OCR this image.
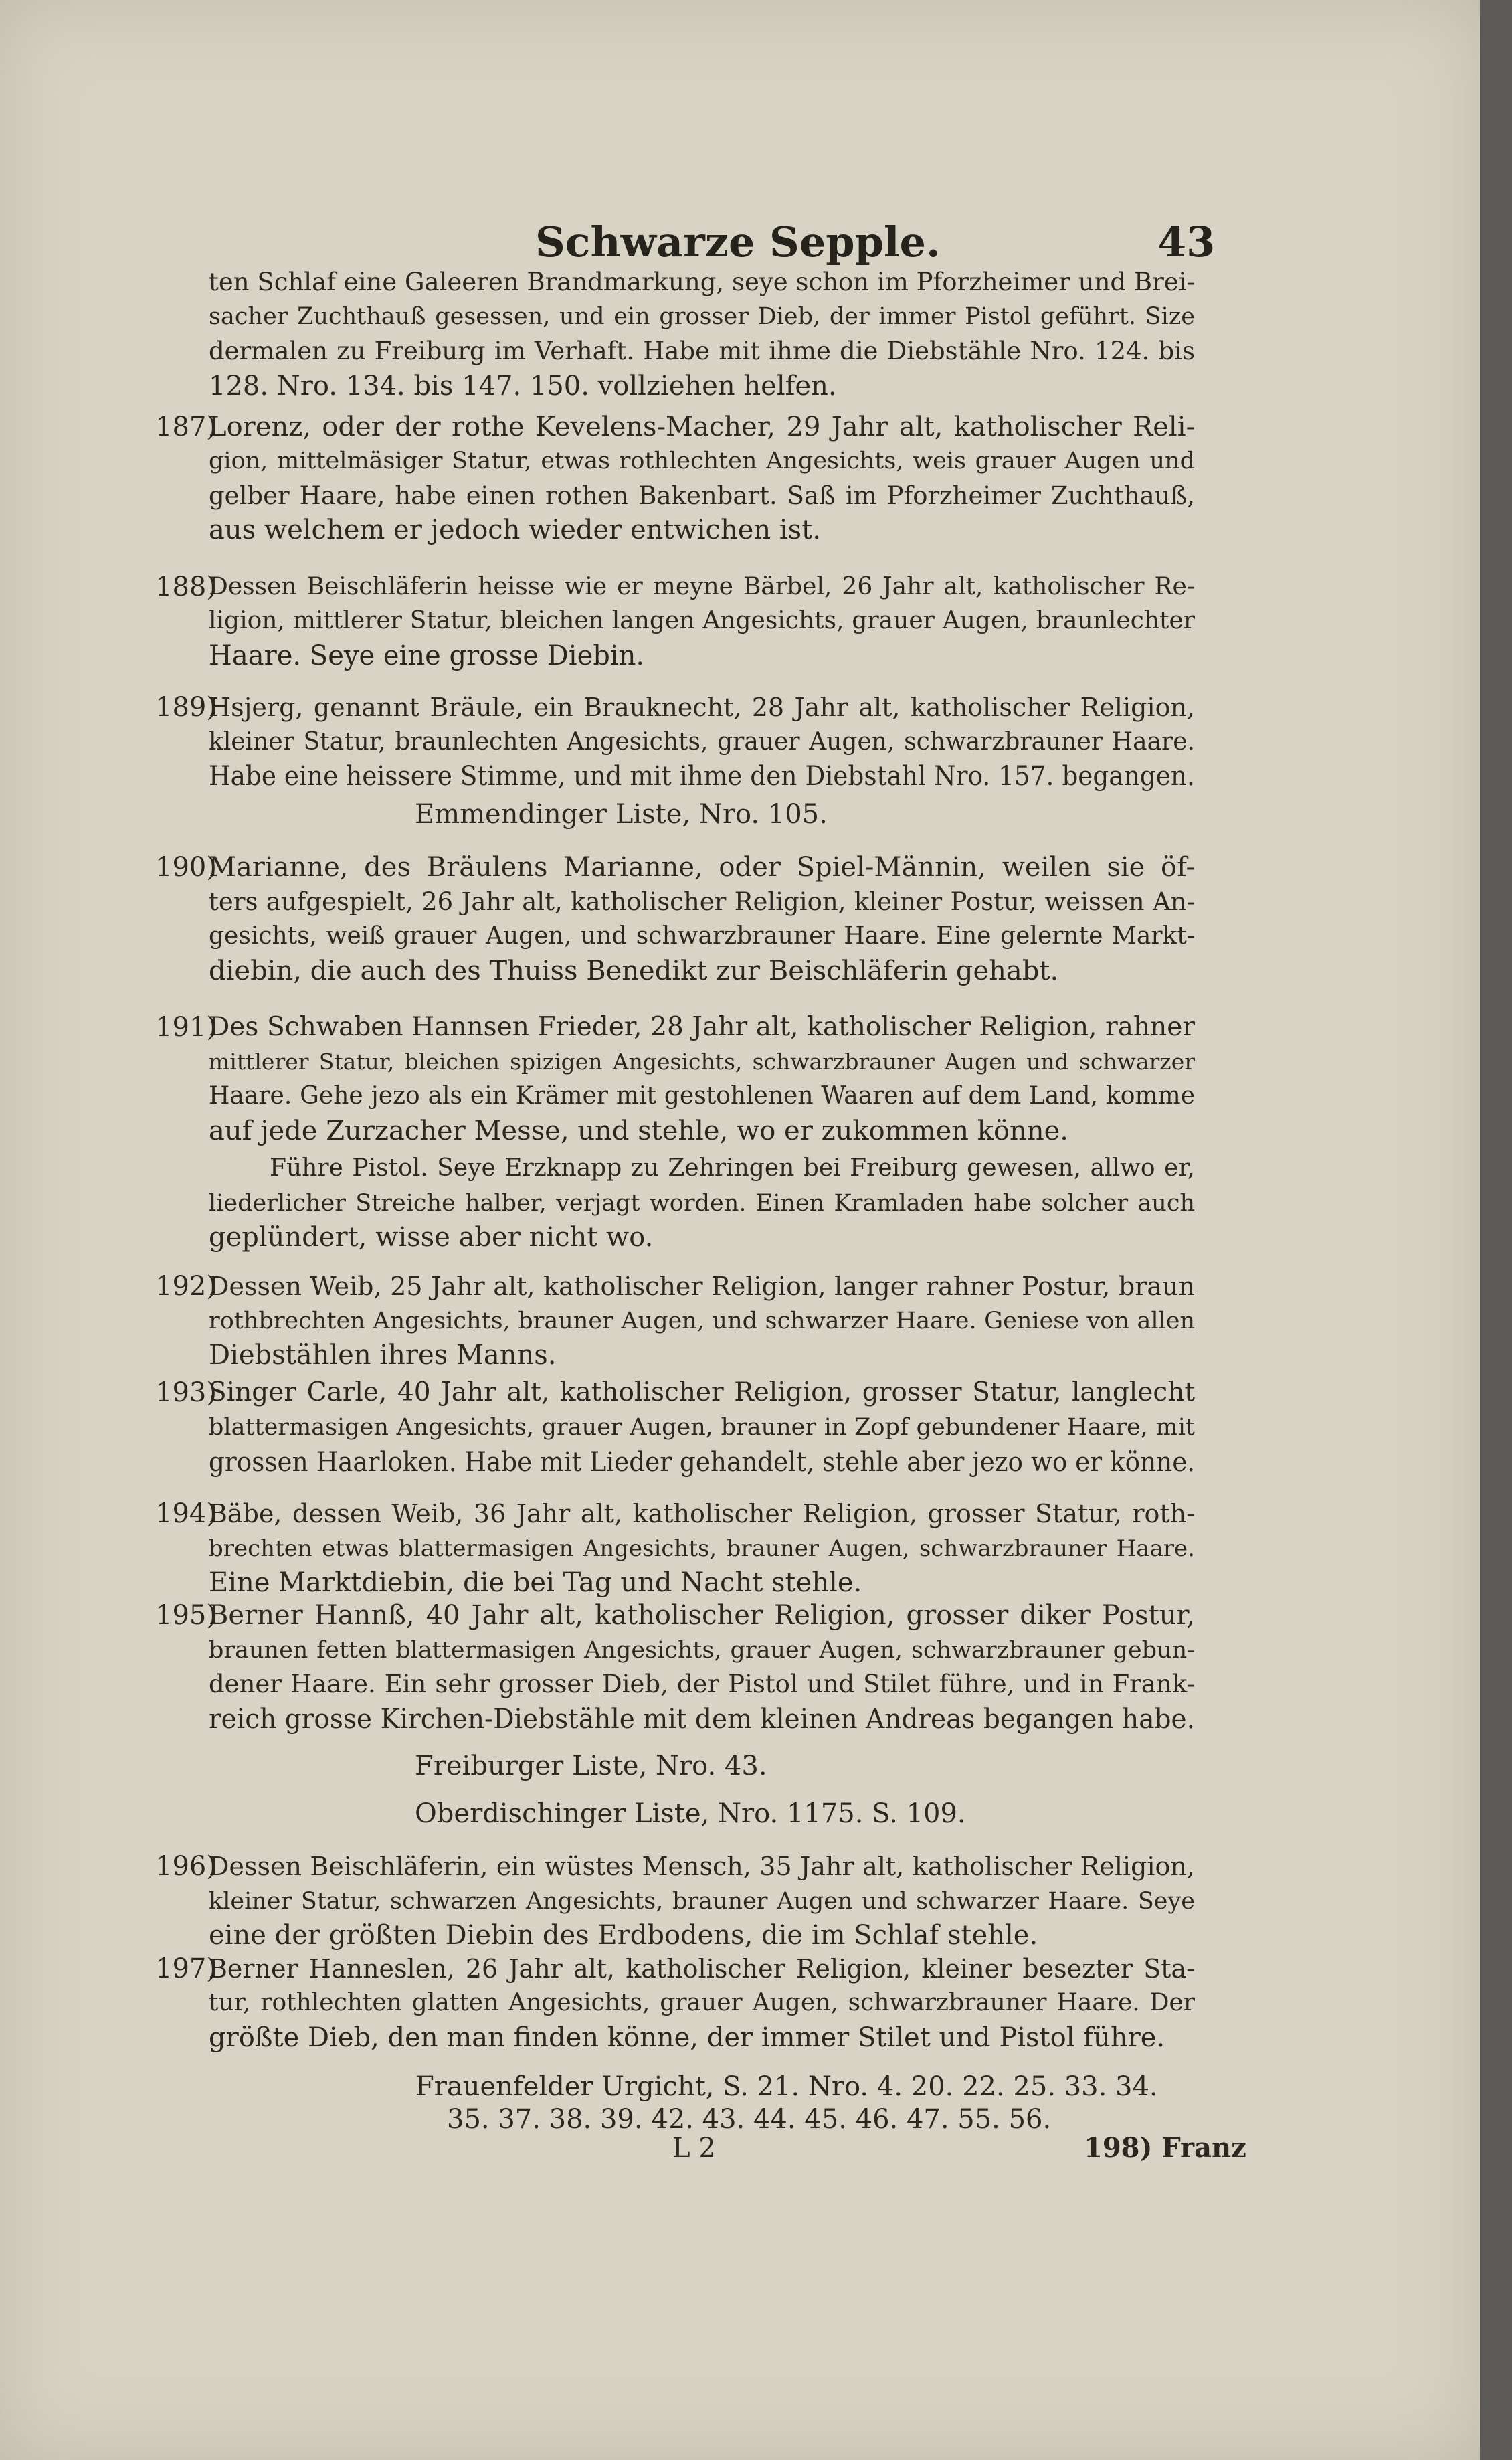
Schwarze Sepple.	43
ten Schlaf eine Galeeren Brandmarkung, seye schon im Pforzheimer und Brei-
sacher Zuchthauß gesessen, und ein grosser Dieb, der immer Pistol geführt. Size
dermalen zu Freiburg im Verhaft. Habe mit ihme die Diebstähle Nro. 124. bis
128. Nro. 134. bis 147. 150. vollziehen helfen.
Lorenz, oder der rothe Kevelens-Macher, 29 Jahr alt, katholischer Reli-
187)
gion, mittelmäsiger Statur, etwas rothlechten Angesichts, weis grauer Augen und
gelber Haare, habe einen rothen Bakenbart. Saß im Pforzheimer Zuchthauß,
aus welchem er jedoch wieder entwichen ist.
Dessen Beischläferin heisse wie er meyne Bärbel, 26 Jahr alt, katholischer Re-
188)
ligion, mittlerer Statur, bleichen langen Angesichts, grauer Augen, braunlechter
Haare. Seye eine grosse Diebin.
Hsjerg, genannt Bräule, ein Brauknecht, 28 Jahr alt, katholischer Religion,
189)
kleiner Statur, braunlechten Angesichts, grauer Augen, schwarzbrauner Haare.
Habe eine heissere Stimme, und mit ihme den Diebstahl Nro. 157. begangen.
Emmendinger Liste, Nro. 105.
Marianne, des Bräulens Marianne, oder Spiel-Männin, weilen sie öf-
190)
ters aufgespielt, 26 Jahr alt, katholischer Religion, kleiner Postur, weissen An-
gesichts, weiß grauer Augen, und schwarzbrauner Haare. Eine gelernte Markt-
diebin, die auch des Thuiss Benedikt zur Beischläferin gehabt.
Des Schwaben Hannsen Frieder, 28 Jahr alt, katholischer Religion, rahner
191)
mittlerer Statur, bleichen spizigen Angesichts, schwarzbrauner Augen und schwarzer
Haare. Gehe jezo als ein Krämer mit gestohlenen Waaren auf dem Land, komme
auf jede Zurzacher Messe, und stehle, wo er zukommen könne.
Führe Pistol. Seye Erzknapp zu Zehringen bei Freiburg gewesen, allwo er,
liederlicher Streiche halber, verjagt worden. Einen Kramladen habe solcher auch
geplündert, wisse aber nicht wo.
Dessen Weib, 25 Jahr alt, katholischer Religion, langer rahner Postur, braun
192)
rothbrechten Angesichts, brauner Augen, und schwarzer Haare. Geniese von allen
Diebstählen ihres Manns.
Singer Carle, 40 Jahr alt, katholischer Religion, grosser Statur, langlecht
193)
blattermasigen Angesichts, grauer Augen, brauner in Zopf gebundener Haare, mit
grossen Haarloken. Habe mit Lieder gehandelt, stehle aber jezo wo er könne.
Bäbe, dessen Weib, 36 Jahr alt, katholischer Religion, grosser Statur, roth-
194)
brechten etwas blattermasigen Angesichts, brauner Augen, schwarzbrauner Haare.
Eine Marktdiebin, die bei Tag und Nacht stehle.
Berner Hannß, 40 Jahr alt, katholischer Religion, grosser diker Postur,
195)
braunen fetten blattermasigen Angesichts, grauer Augen, schwarzbrauner gebun-
dener Haare. Ein sehr grosser Dieb, der Pistol und Stilet führe, und in Frank-
reich grosse Kirchen-Diebstähle mit dem kleinen Andreas begangen habe.
Freiburger Liste, Nro. 43.
Oberdischinger Liste, Nro. 1175. S. 109.
Dessen Beischläferin, ein wüstes Mensch, 35 Jahr alt, katholischer Religion,
196)
kleiner Statur, schwarzen Angesichts, brauner Augen und schwarzer Haare. Seye
eine der größten Diebin des Erdbodens, die im Schlaf stehle.
Berner Hanneslen, 26 Jahr alt, katholischer Religion, kleiner besezter Sta-
197)
tur, rothlechten glatten Angesichts, grauer Augen, schwarzbrauner Haare. Der
größte Dieb, den man finden könne, der immer Stilet und Pistol führe.
Frauenfelder Urgicht, S. 21. Nro. 4. 20. 22. 25. 33. 34.
35. 37. 38. 39. 42. 43. 44. 45. 46. 47. 55. 56.
L 2	198) Franz
